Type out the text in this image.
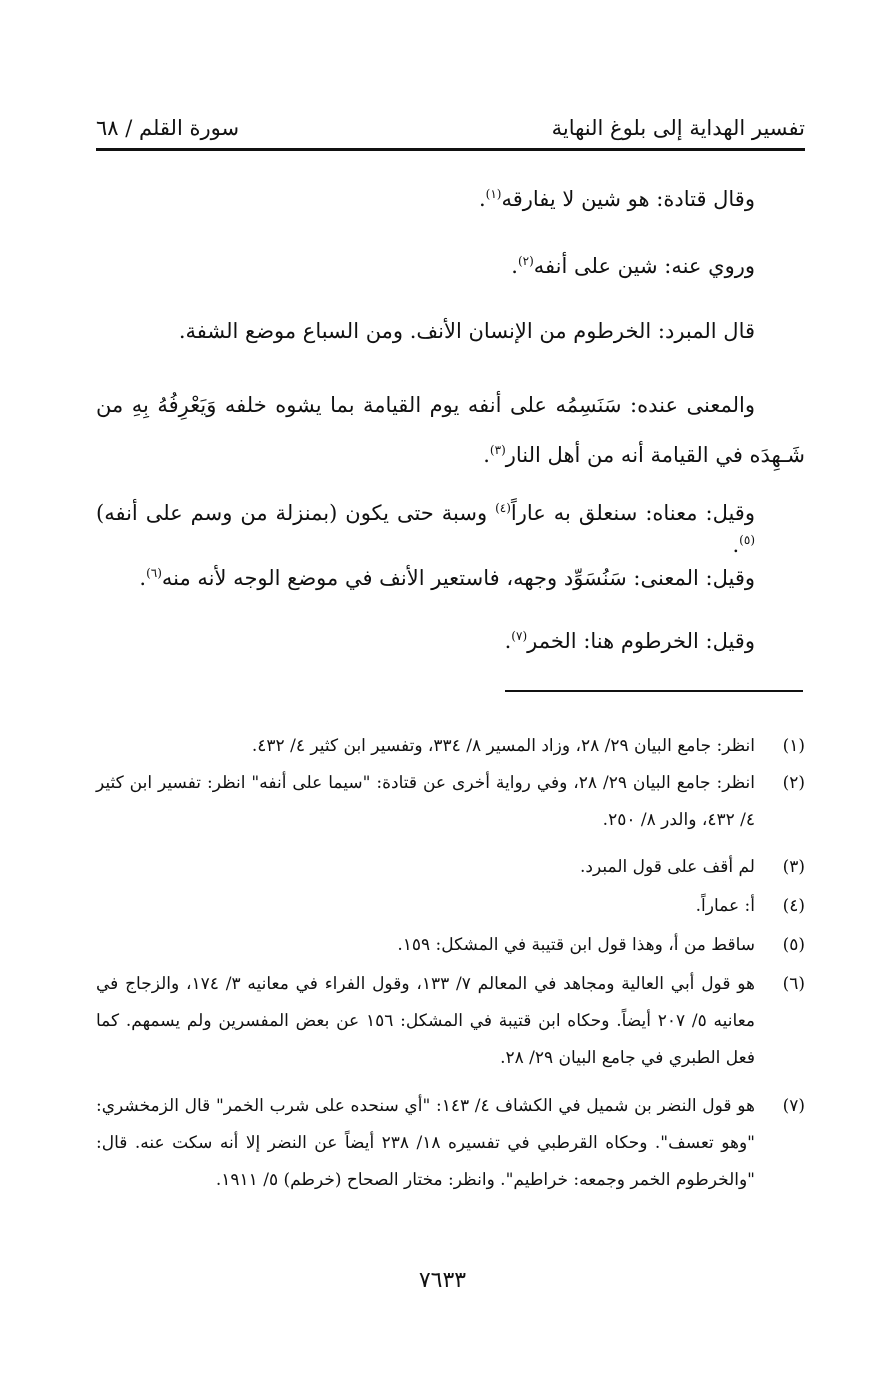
تفسير الهداية إلى بلوغ النهاية
سورة القلم / ٦٨

وقال قتادة: هو شين لا يفارقه$^{(١)}$.

وروي عنه: شين على أنفه$^{(٢)}$.

قال المبرد: الخرطوم من الإنسان الأنف. ومن السباع موضع الشفة.

والمعنى عنده: سَنَسِمُه على أنفه يوم القيامة بما يشوه خلفه وَيَعْرِفُهُ بِهِ من شَـهِدَه في القيامة أنه من أهل النار$^{(٣)}$.

وقيل: معناه: سنعلق به عاراً$^{(٤)}$ وسبة حتى يكون (بمنزلة من وسم على أنفه)$^{(٥)}$.

وقيل: المعنى: سَنُسَوِّد وجهه، فاستعير الأنف في موضع الوجه لأنه منه$^{(٦)}$.

وقيل: الخرطوم هنا: الخمر$^{(٧)}$.

(١)
انظر: جامع البيان ٢٩/ ٢٨، وزاد المسير ٨/ ٣٣٤، وتفسير ابن كثير ٤/ ٤٣٢.
(٢)
انظر: جامع البيان ٢٩/ ٢٨، وفي رواية أخرى عن قتادة: "سيما على أنفه" انظر: تفسير ابن كثير ٤/ ٤٣٢، والدر ٨/ ٢٥٠.
(٣)
لم أقف على قول المبرد.
(٤)
أ: عماراً.
(٥)
ساقط من أ، وهذا قول ابن قتيبة في المشكل: ١٥٩.
(٦)
هو قول أبي العالية ومجاهد في المعالم ٧/ ١٣٣، وقول الفراء في معانيه ٣/ ١٧٤، والزجاج في معانيه ٥/ ٢٠٧ أيضاً. وحكاه ابن قتيبة في المشكل: ١٥٦ عن بعض المفسرين ولم يسمهم. كما فعل الطبري في جامع البيان ٢٩/ ٢٨.
(٧)
هو قول النضر بن شميل في الكشاف ٤/ ١٤٣: "أي سنحده على شرب الخمر" قال الزمخشري: "وهو تعسف". وحكاه القرطبي في تفسيره ١٨/ ٢٣٨ أيضاً عن النضر إلا أنه سكت عنه. قال: "والخرطوم الخمر وجمعه: خراطيم". وانظر: مختار الصحاح (خرطم) ٥/ ١٩١١.
٧٦٣٣
